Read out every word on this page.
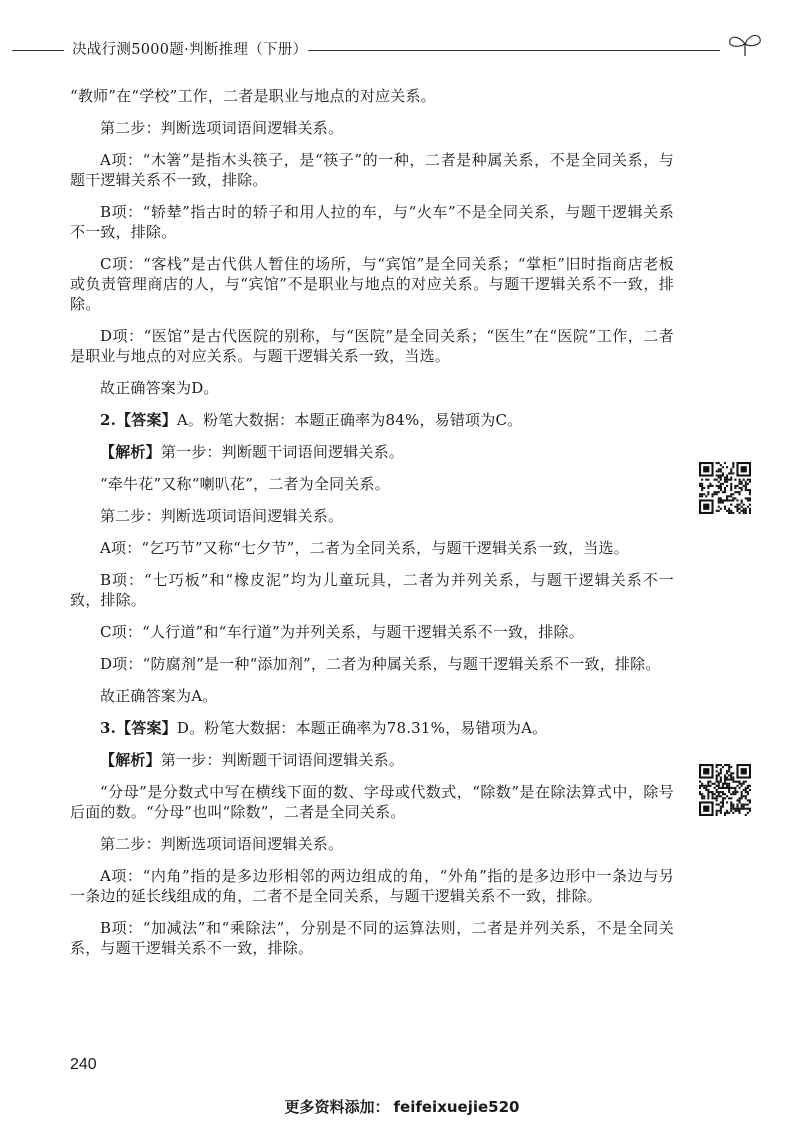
决战行测5000题·判断推理（下册）

“教师”在“学校”工作，二者是职业与地点的对应关系。

第二步：判断选项词语间逻辑关系。

A项：“木箸”是指木头筷子，是“筷子”的一种，二者是种属关系，不是全同关系，与题干逻辑关系不一致，排除。

B项：“轿辇”指古时的轿子和用人拉的车，与“火车”不是全同关系，与题干逻辑关系不一致，排除。

C项：“客栈”是古代供人暂住的场所，与“宾馆”是全同关系；“掌柜”旧时指商店老板或负责管理商店的人，与“宾馆”不是职业与地点的对应关系。与题干逻辑关系不一致，排除。

D项：“医馆”是古代医院的别称，与“医院”是全同关系；“医生”在“医院”工作，二者是职业与地点的对应关系。与题干逻辑关系一致，当选。

故正确答案为D。

2.【答案】A。粉笔大数据：本题正确率为84%，易错项为C。

【解析】第一步：判断题干词语间逻辑关系。

“牵牛花”又称“喇叭花”，二者为全同关系。

第二步：判断选项词语间逻辑关系。

A项：“乞巧节”又称“七夕节”，二者为全同关系，与题干逻辑关系一致，当选。

B项：“七巧板”和“橡皮泥”均为儿童玩具，二者为并列关系，与题干逻辑关系不一致，排除。

C项：“人行道”和“车行道”为并列关系，与题干逻辑关系不一致，排除。

D项：“防腐剂”是一种“添加剂”，二者为种属关系，与题干逻辑关系不一致，排除。

故正确答案为A。

3.【答案】D。粉笔大数据：本题正确率为78.31%，易错项为A。

【解析】第一步：判断题干词语间逻辑关系。

“分母”是分数式中写在横线下面的数、字母或代数式，“除数”是在除法算式中，除号后面的数。“分母”也叫“除数”，二者是全同关系。

第二步：判断选项词语间逻辑关系。

A项：“内角”指的是多边形相邻的两边组成的角，“外角”指的是多边形中一条边与另一条边的延长线组成的角，二者不是全同关系，与题干逻辑关系不一致，排除。

B项：“加减法”和“乘除法”，分别是不同的运算法则，二者是并列关系，不是全同关系，与题干逻辑关系不一致，排除。

240
更多资料添加： feifeixuejie520
